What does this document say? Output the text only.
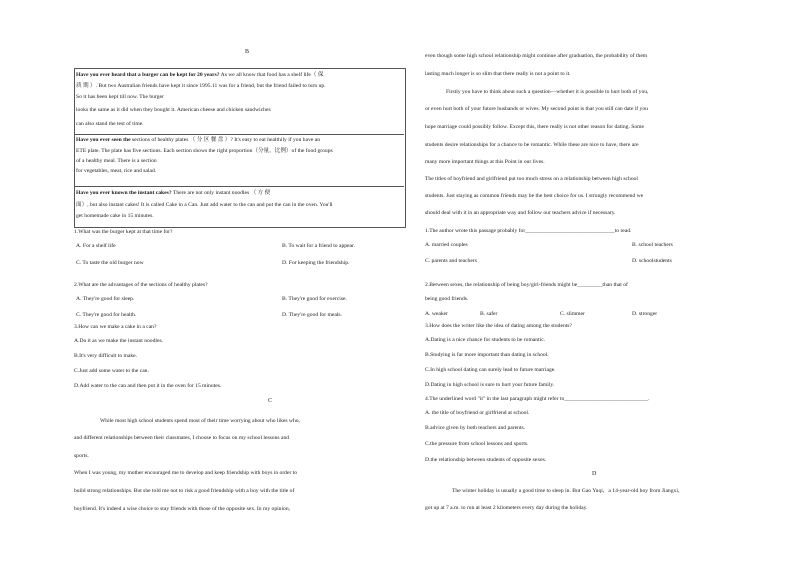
B
Have you ever heard that a burger can be kept for 20 years? As we all know that food has a shelf life（ 保
质 期 ）. But two Australian friends have kept it since 1995.11 was for a friend, but the friend failed to turn up.
So it has been kept till now. The burger
looks the same as it did when they bought it. American cheese and chicken sandwiches
can also stand the test of time.
Have you ever seen the sections of healthy plates （ 分 区 餐 盘 ）? It's easy to eat healthily if you have an
ETE plate. The plate has five sections. Each section shows the right proportion（分量，比例）of the food groups
of a healthy meal. There is a section
for vegetables, meat, rice and salad.
Have you ever known the instant cakes? There are not only instant noodles （ 方 便
面）, but also instant cakes! It is called Cake in a Can. Just add water to the can and put the can in the oven. You'll
get homemade cake in 15 minutes.
1.What was the burger kept at that time for?
A. For a shelf life	B. To wait for a friend to appear.
C. To taste the old burger now	D. For keeping the friendship.
2.What are the advantages of the sections of healthy plates?
A. They're good for sleep.	B. They're good for exercise.
C. They're good for health.	D. They're good for meals.
3.How can we make a cake in a can?
A.Do it as we make the instant noodles.
B.It's very difficult to make.
C.Just add some water to the can.
D.Add water to the can and then put it in the oven for 15 minutes.
C
While most high school students spend most of their time worrying about who likes who,
and different relationships between their classmates, I choose to focus on my school lessons and
sports.
When I was young, my mother encouraged me to develop and keep friendship with boys in order to
build strong relationships. But she told me not to risk a good friendship with a boy with the title of
boyfriend. It's indeed a wise choice to stay friends with those of the opposite sex. In my opinion,
even though some high school relationship might continue after graduation, the probability of them
lasting much longer is so slim that there really is not a point to it.
Firstly you have to think about such a question—whether it is possible to hurt both of you,
or even hurt both of your future husbands or wives. My second point is that you still can date if you
hope marriage could possibly follow. Except this, there really is not other reason for dating. Some
students desire relationships for a chance to be romantic. While these are nice to have, there are
many more important things at this Point in our lives.
The titles of boyfriend and girlfriend put too much stress on a relationship between high school
students. Just staying as common friends may be the best choice for us. I strongly recommend we
should deal with it in an appropriate way and follow our teachers advice if necessary.
1.The author wrote this passage probably for________________________________to read.
A. married couples	B. school teachers
C. parents and teachers	D. schoolstudents
2.Between sexes, the relationship of being boy/girl-friends might be_________than that of
being good friends.
A. weaker	B. safer	C. slimmer	D. stronger
3.How does the writer like the idea of dating among the students?
A.Dating is a nice chance for students to be romantic.
B.Studying is far more important than dating in school.
C.In high school dating can surely lead to future marriage.
D.Dating in high school is sure to hurt your future family.
4.The underlined word "it" in the last paragraph might refer to______________________________.
A. the title of boyfriend or girlfriend at school.
B.advice given by both teachers and parents.
C.the pressure from school lessons and sports.
D.the relationship between students of opposite sexes.
D
The winter holiday is usually a good time to sleep in. But Gao Yuqi，a 14-year-old boy from Jiangxi，
got up at 7 a.m. to run at least 2 kilometers every day during the holiday.
